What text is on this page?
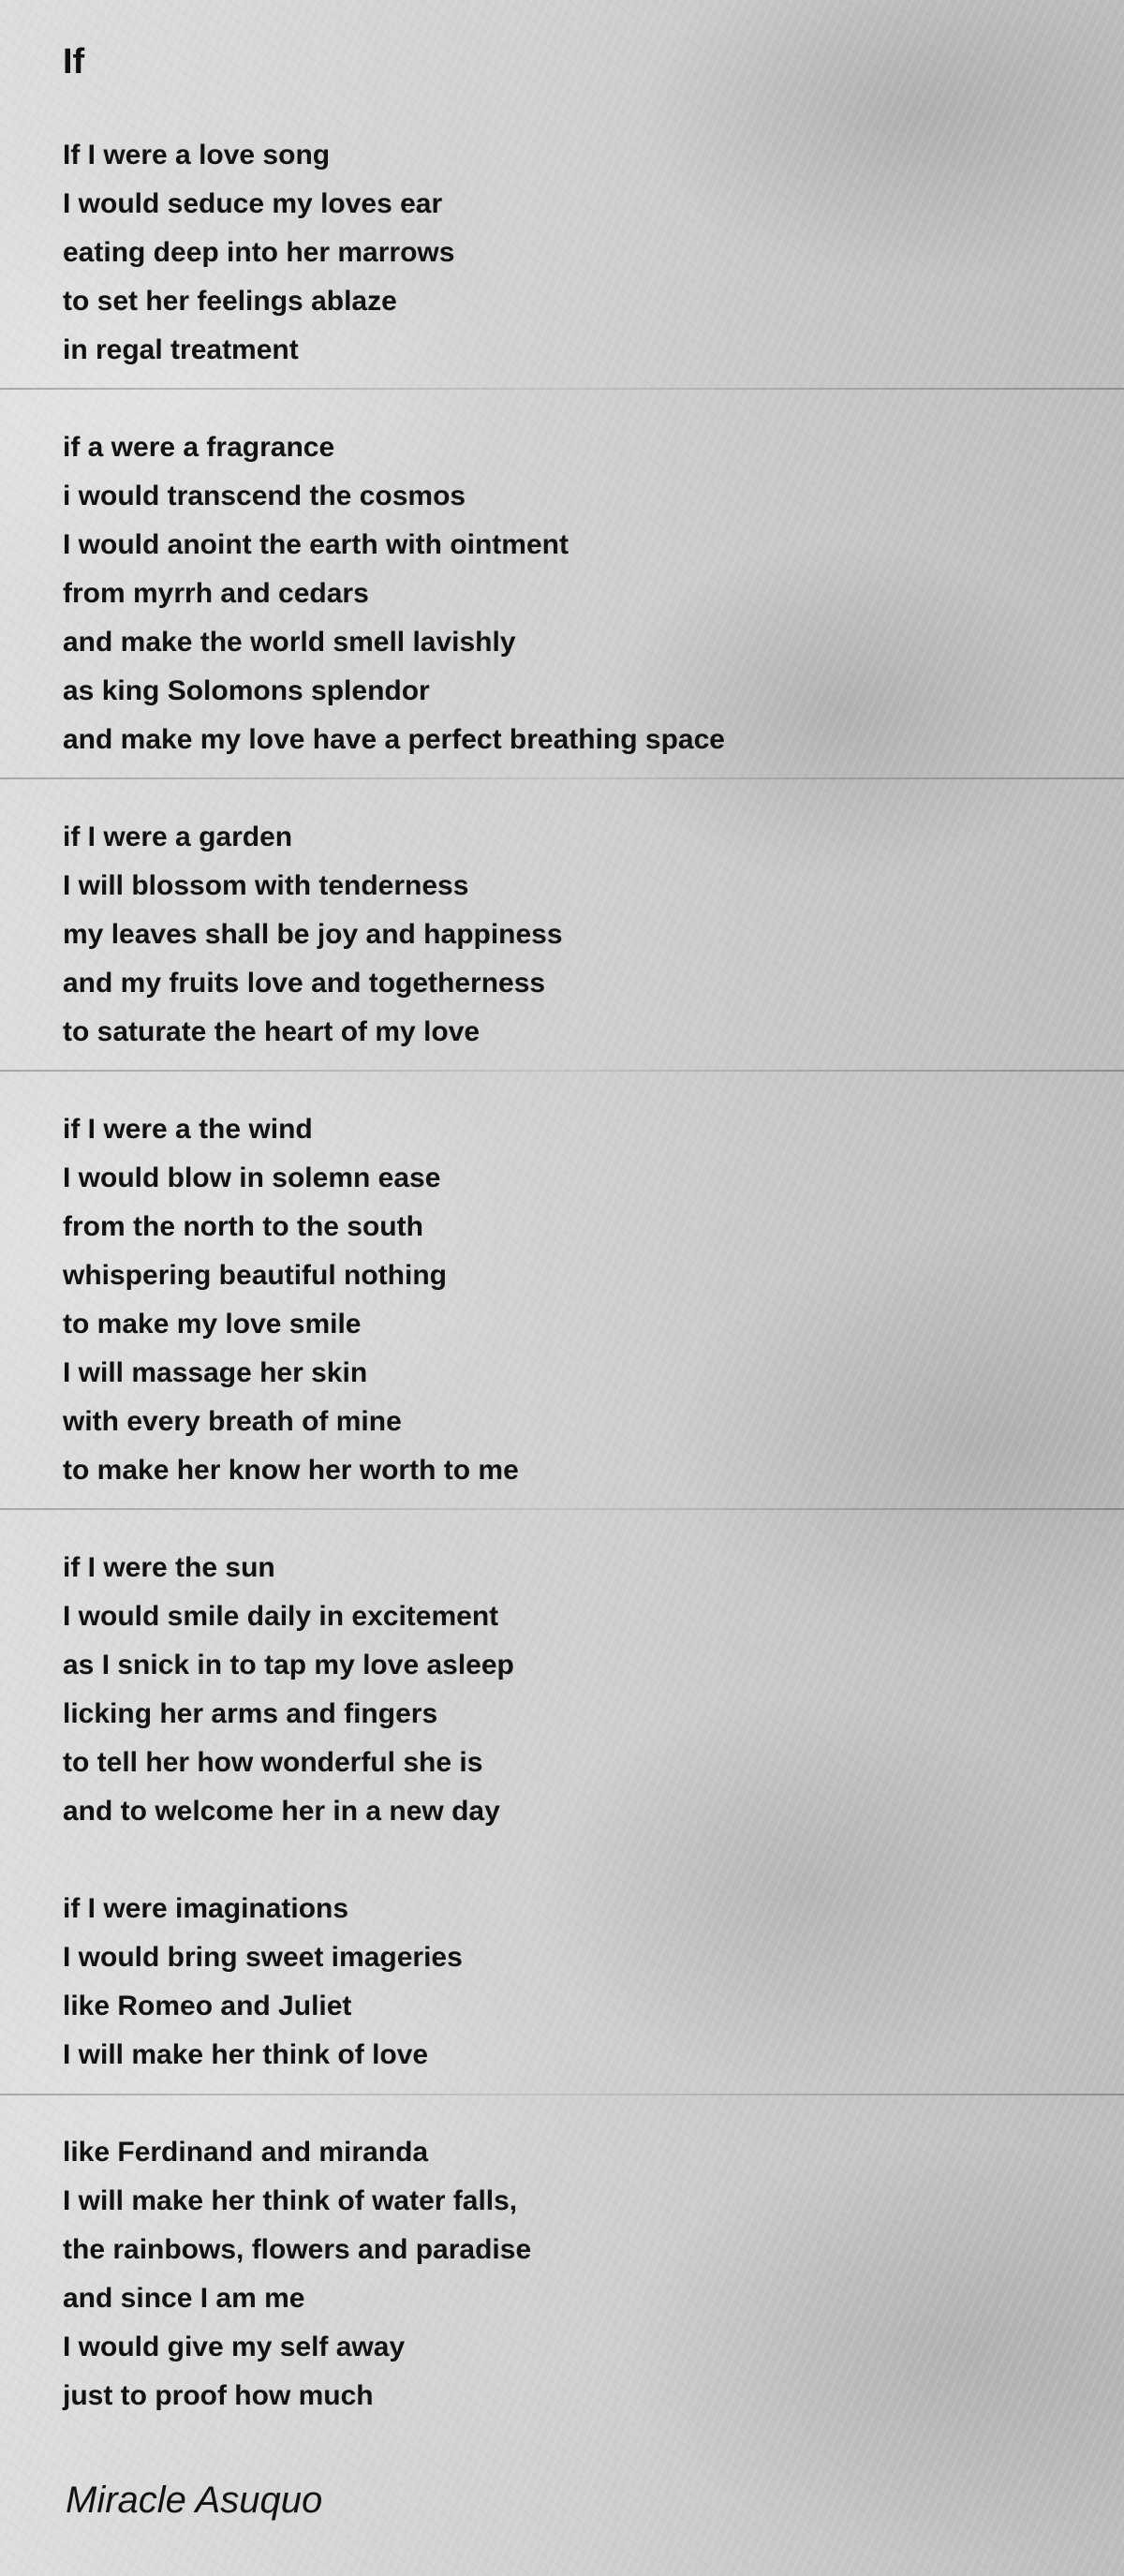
If
If I were a love song
I would seduce my loves ear
eating deep into her marrows
to set her feelings ablaze
in regal treatment
if a were a fragrance
i would transcend the cosmos
I would anoint the earth with ointment
from myrrh and cedars
and make the world smell lavishly
as king Solomons splendor
and make my love have a perfect breathing space
if I were a garden
I will blossom with tenderness
my leaves shall be joy and happiness
and my fruits love and togetherness
to saturate the heart of my love
if I were a the wind
I would blow in solemn ease
from the north to the south
whispering beautiful nothing
to make my love smile
I will massage her skin
with every breath of mine
to make her know her worth to me
if I were the sun
I would smile daily in excitement
as I snick in to tap my love asleep
licking her arms and fingers
to tell her how wonderful she is
and to welcome her in a new day
if I were imaginations
I would bring sweet imageries
like Romeo and Juliet
I will make her think of love
like Ferdinand and miranda
I will make her think of water falls,
the rainbows, flowers and paradise
and since I am me
I would give my self away
just to proof how much
Miracle Asuquo
